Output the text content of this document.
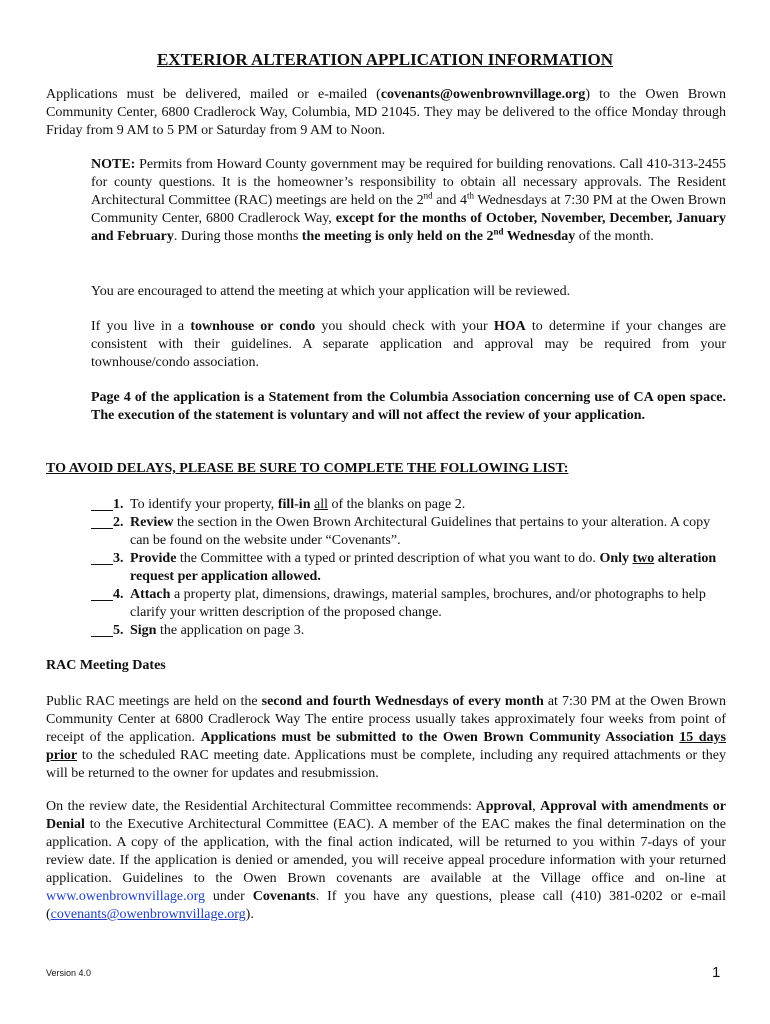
EXTERIOR ALTERATION APPLICATION INFORMATION
Applications must be delivered, mailed or e-mailed (covenants@owenbrownvillage.org) to the Owen Brown Community Center, 6800 Cradlerock Way, Columbia, MD 21045. They may be delivered to the office Monday through Friday from 9 AM to 5 PM or Saturday from 9 AM to Noon.
NOTE: Permits from Howard County government may be required for building renovations. Call 410-313-2455 for county questions. It is the homeowner’s responsibility to obtain all necessary approvals. The Resident Architectural Committee (RAC) meetings are held on the 2nd and 4th Wednesdays at 7:30 PM at the Owen Brown Community Center, 6800 Cradlerock Way, except for the months of October, November, December, January and February. During those months the meeting is only held on the 2nd Wednesday of the month.
You are encouraged to attend the meeting at which your application will be reviewed.
If you live in a townhouse or condo you should check with your HOA to determine if your changes are consistent with their guidelines. A separate application and approval may be required from your townhouse/condo association.
Page 4 of the application is a Statement from the Columbia Association concerning use of CA open space. The execution of the statement is voluntary and will not affect the review of your application.
TO AVOID DELAYS, PLEASE BE SURE TO COMPLETE THE FOLLOWING LIST:
1. To identify your property, fill-in all of the blanks on page 2.
2. Review the section in the Owen Brown Architectural Guidelines that pertains to your alteration. A copy can be found on the website under “Covenants”.
3. Provide the Committee with a typed or printed description of what you want to do. Only two alteration request per application allowed.
4. Attach a property plat, dimensions, drawings, material samples, brochures, and/or photographs to help clarify your written description of the proposed change.
5. Sign the application on page 3.
RAC Meeting Dates
Public RAC meetings are held on the second and fourth Wednesdays of every month at 7:30 PM at the Owen Brown Community Center at 6800 Cradlerock Way The entire process usually takes approximately four weeks from point of receipt of the application. Applications must be submitted to the Owen Brown Community Association 15 days prior to the scheduled RAC meeting date. Applications must be complete, including any required attachments or they will be returned to the owner for updates and resubmission.
On the review date, the Residential Architectural Committee recommends: Approval, Approval with amendments or Denial to the Executive Architectural Committee (EAC). A member of the EAC makes the final determination on the application. A copy of the application, with the final action indicated, will be returned to you within 7-days of your review date. If the application is denied or amended, you will receive appeal procedure information with your returned application. Guidelines to the Owen Brown covenants are available at the Village office and on-line at www.owenbrownvillage.org under Covenants. If you have any questions, please call (410) 381-0202 or e-mail (covenants@owenbrownvillage.org).
Version 4.0	1
